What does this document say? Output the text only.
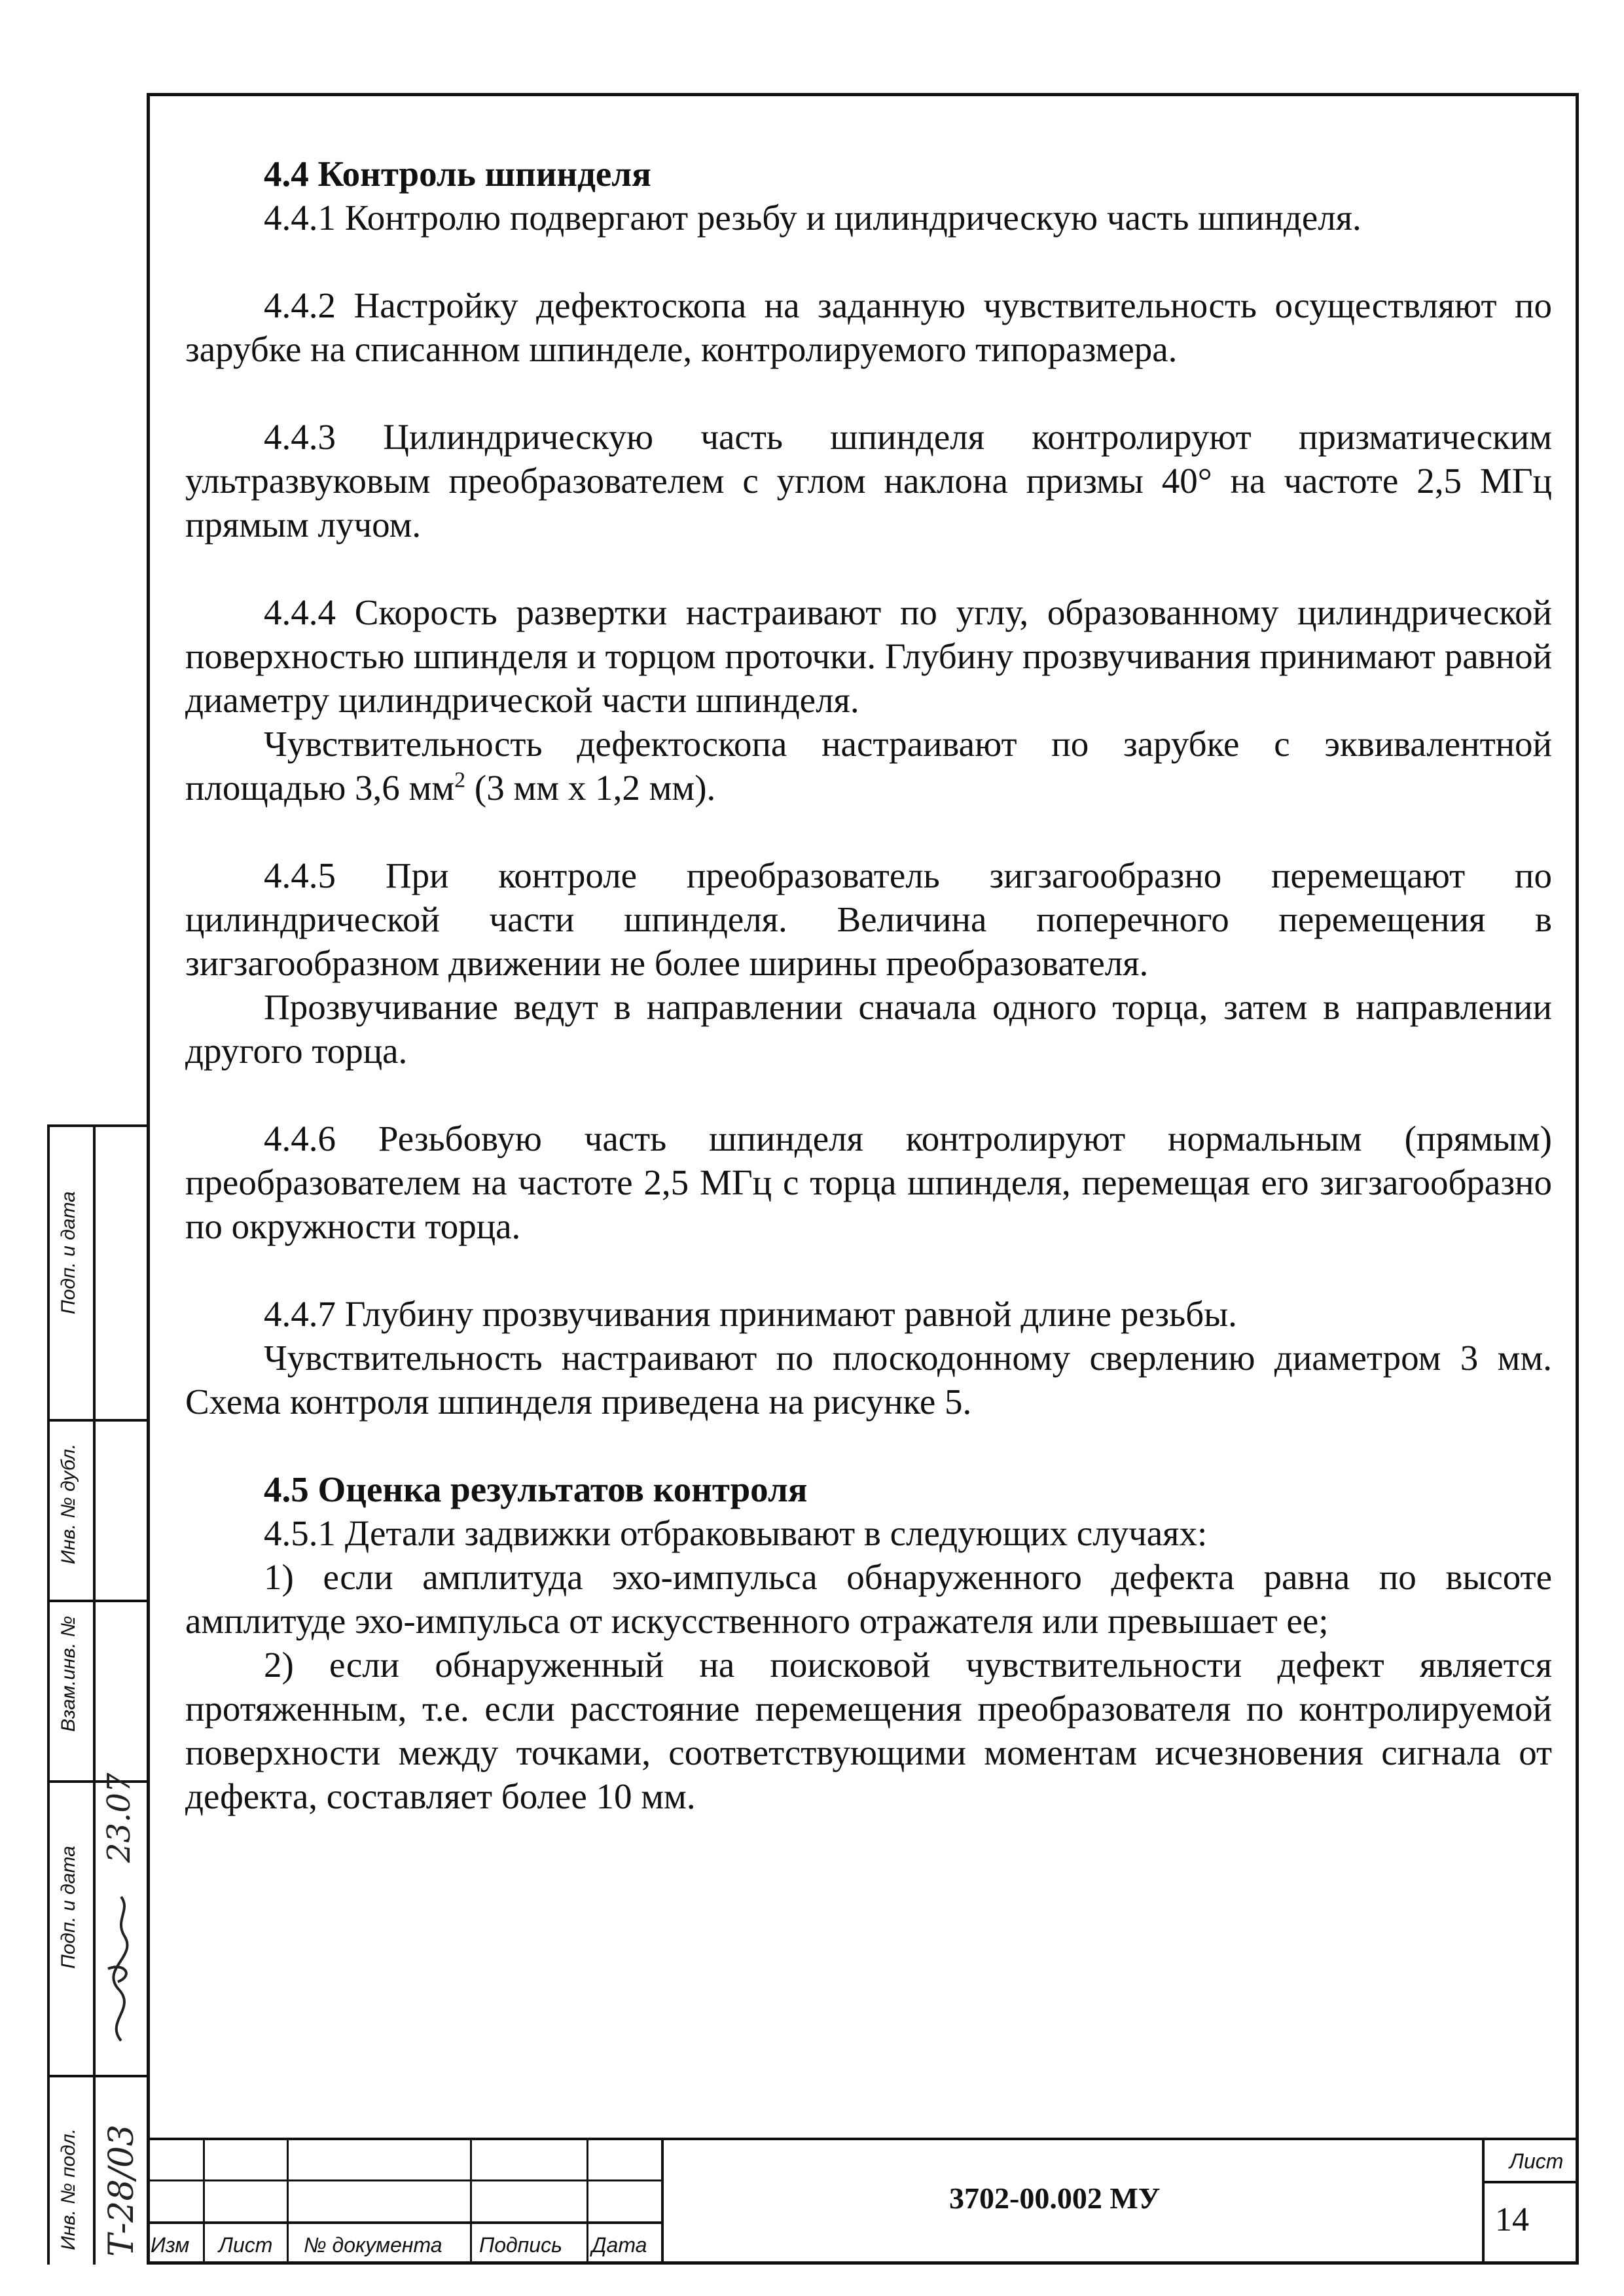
4.4 Контроль шпинделя

4.4.1 Контролю подвергают резьбу и цилиндрическую часть шпинделя.

4.4.2 Настройку дефектоскопа на заданную чувствительность осуществляют по зарубке на списанном шпинделе, контролируемого типоразмера.

4.4.3 Цилиндрическую часть шпинделя контролируют призматическим ультразвуковым преобразователем с углом наклона призмы 40° на частоте 2,5 МГц прямым лучом.

4.4.4 Скорость развертки настраивают по углу, образованному цилиндрической поверхностью шпинделя и торцом проточки. Глубину прозвучивания принимают равной диаметру цилиндрической части шпинделя.

Чувствительность дефектоскопа настраивают по зарубке с эквивалентной площадью 3,6 $мм^2$ (3 мм х 1,2 мм).

4.4.5 При контроле преобразователь зигзагообразно перемещают по цилиндрической части шпинделя. Величина поперечного перемещения в зигзагообразном движении не более ширины преобразователя.

Прозвучивание ведут в направлении сначала одного торца, затем в направлении другого торца.

4.4.6 Резьбовую часть шпинделя контролируют нормальным (прямым) преобразователем на частоте 2,5 МГц с торца шпинделя, перемещая его зигзагообразно по окружности торца.

4.4.7 Глубину прозвучивания принимают равной длине резьбы.

Чувствительность настраивают по плоскодонному сверлению диаметром 3 мм. Схема контроля шпинделя приведена на рисунке 5.

4.5 Оценка результатов контроля

4.5.1 Детали задвижки отбраковывают в следующих случаях:

1) если амплитуда эхо-импульса обнаруженного дефекта равна по высоте амплитуде эхо-импульса от искусственного отражателя или превышает ее;

2) если обнаруженный на поисковой чувствительности дефект является протяженным, т.е. если расстояние перемещения преобразователя по контролируемой поверхности между точками, соответствующими моментам исчезновения сигнала от дефекта, составляет более 10 мм.

Подп. и дата
Инв. № дубл.
Взам.инв. №
Подп. и дата
Инв. № подл.
23.07
Т-28/03 Изм Лист № документа Подпись Дата
3702-00.002 МУ
Лист
14
